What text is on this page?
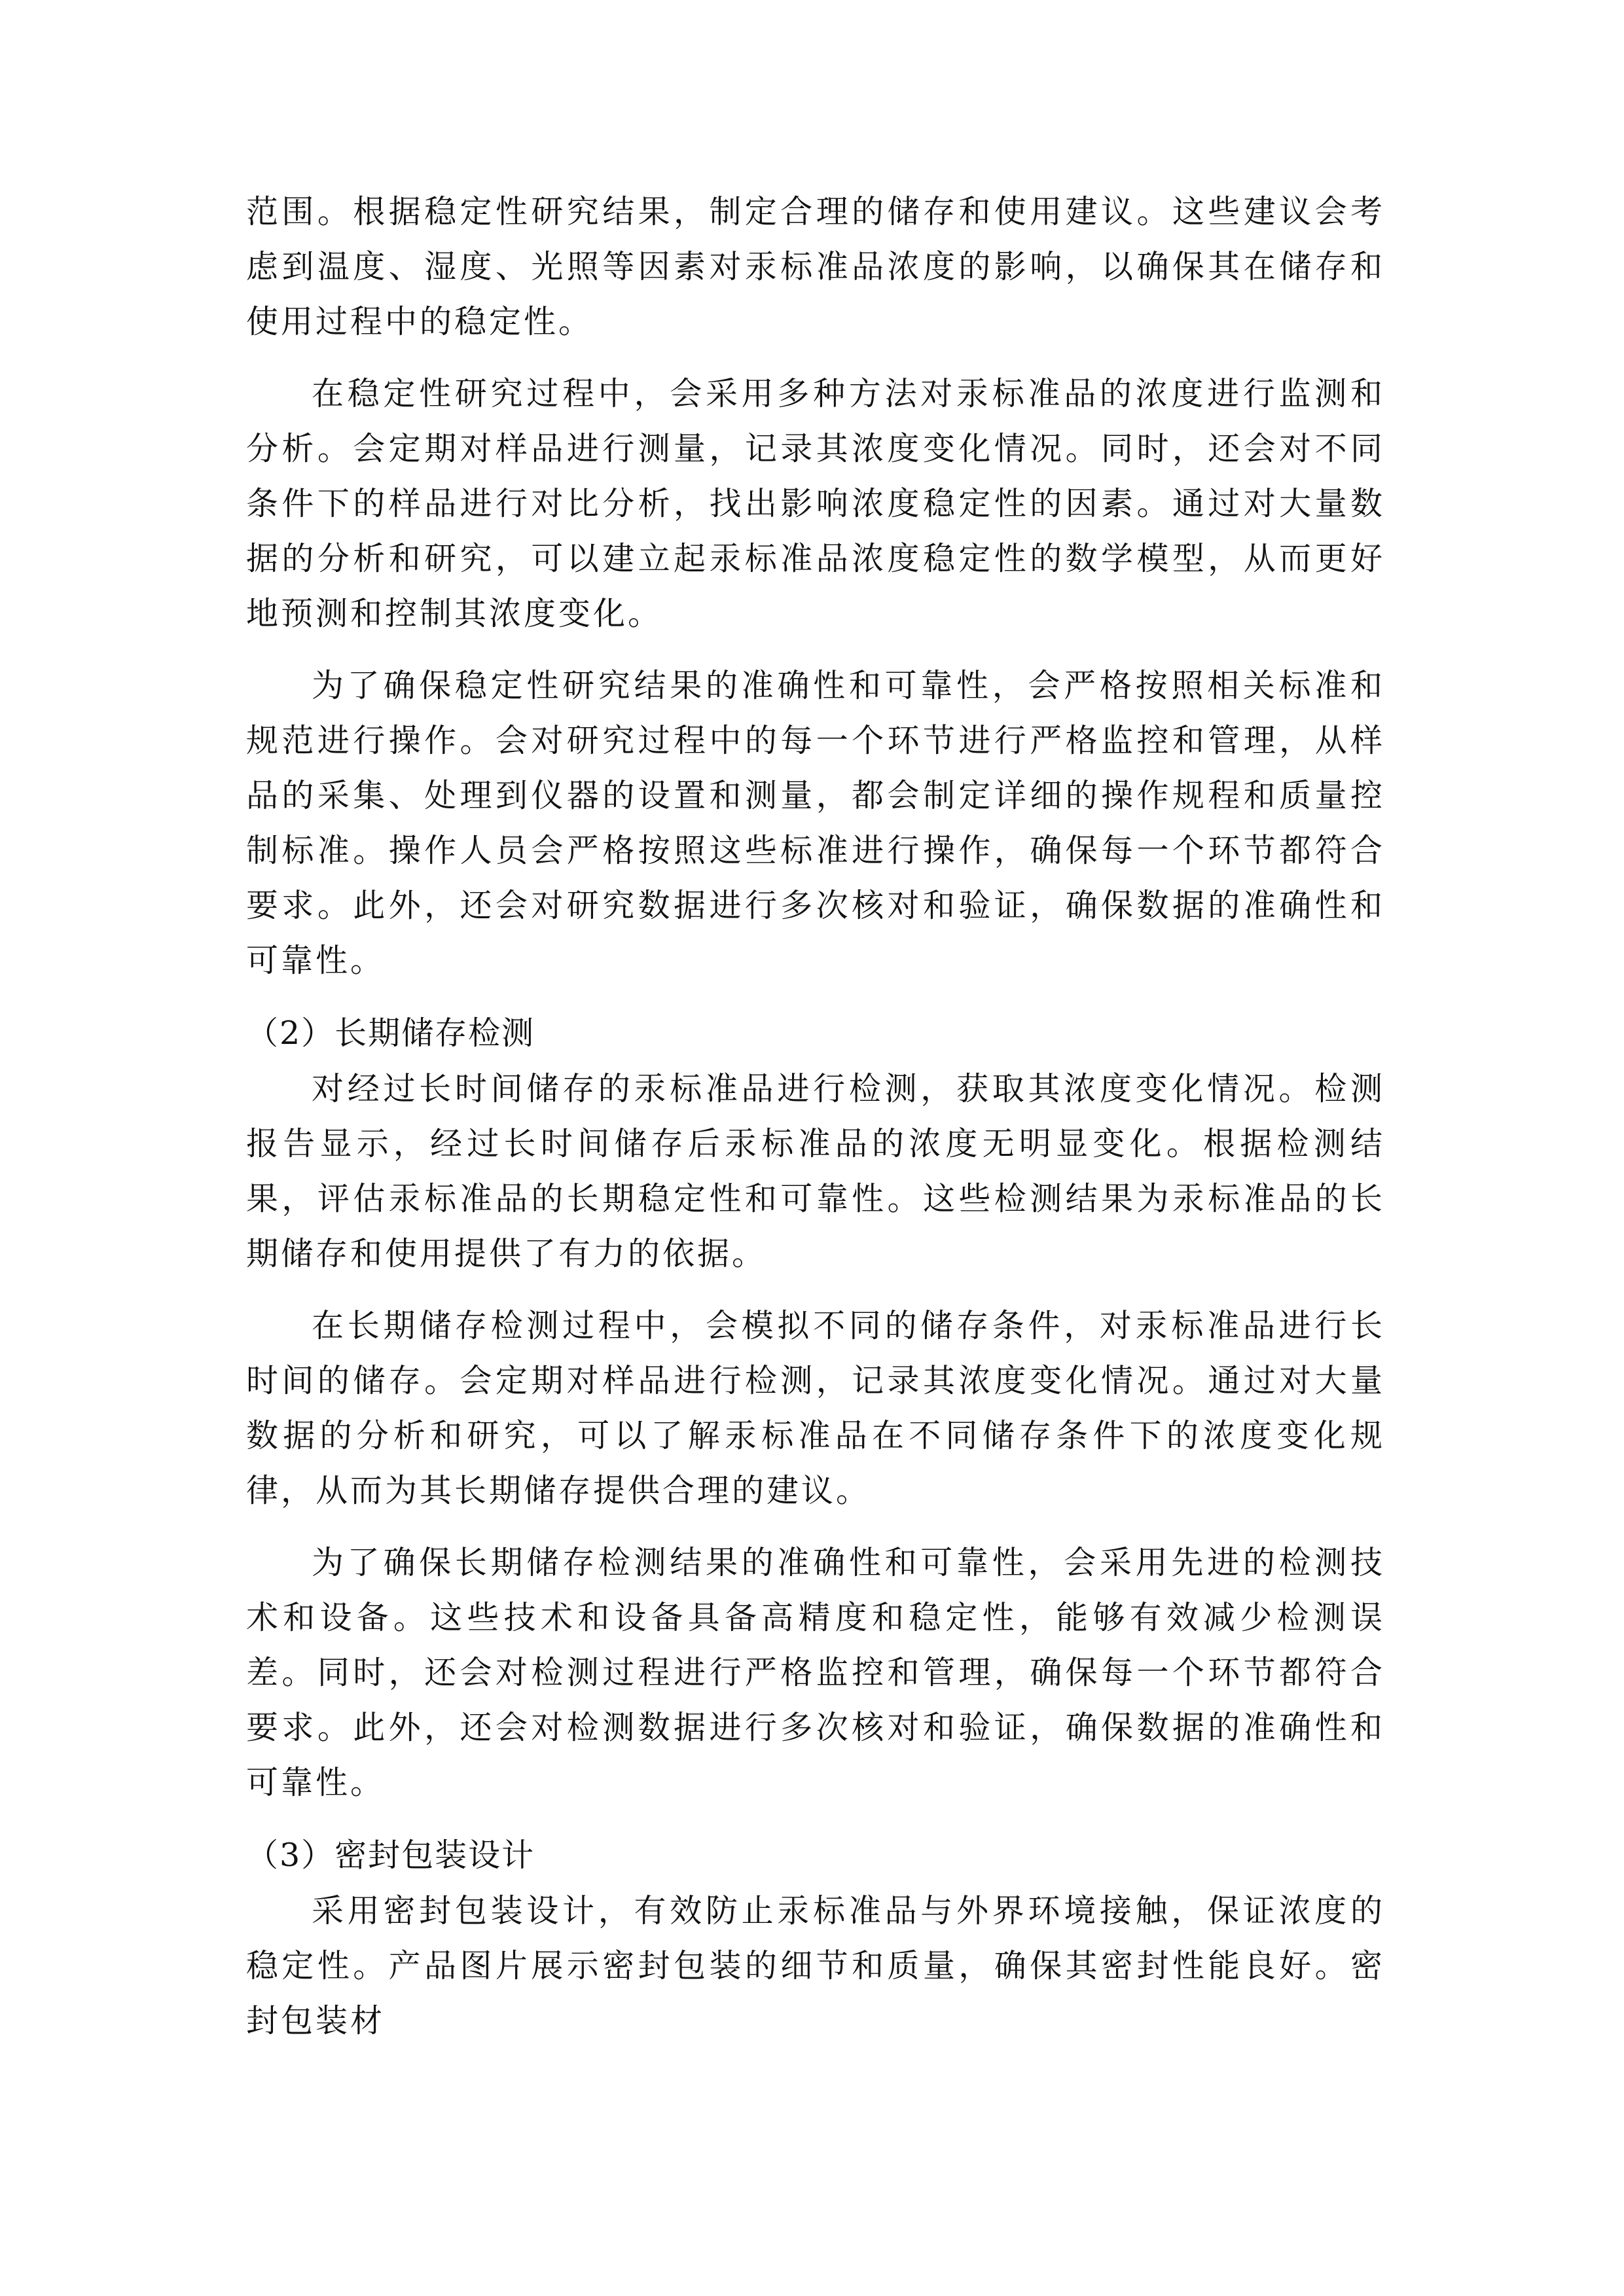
范围。根据稳定性研究结果，制定合理的储存和使用建议。这些建议会考虑到温度、湿度、光照等因素对汞标准品浓度的影响，以确保其在储存和使用过程中的稳定性。

在稳定性研究过程中，会采用多种方法对汞标准品的浓度进行监测和分析。会定期对样品进行测量，记录其浓度变化情况。同时，还会对不同条件下的样品进行对比分析，找出影响浓度稳定性的因素。通过对大量数据的分析和研究，可以建立起汞标准品浓度稳定性的数学模型，从而更好地预测和控制其浓度变化。

为了确保稳定性研究结果的准确性和可靠性，会严格按照相关标准和规范进行操作。会对研究过程中的每一个环节进行严格监控和管理，从样品的采集、处理到仪器的设置和测量，都会制定详细的操作规程和质量控制标准。操作人员会严格按照这些标准进行操作，确保每一个环节都符合要求。此外，还会对研究数据进行多次核对和验证，确保数据的准确性和可靠性。

（2）长期储存检测

对经过长时间储存的汞标准品进行检测，获取其浓度变化情况。检测报告显示，经过长时间储存后汞标准品的浓度无明显变化。根据检测结果，评估汞标准品的长期稳定性和可靠性。这些检测结果为汞标准品的长期储存和使用提供了有力的依据。

在长期储存检测过程中，会模拟不同的储存条件，对汞标准品进行长时间的储存。会定期对样品进行检测，记录其浓度变化情况。通过对大量数据的分析和研究，可以了解汞标准品在不同储存条件下的浓度变化规律，从而为其长期储存提供合理的建议。

为了确保长期储存检测结果的准确性和可靠性，会采用先进的检测技术和设备。这些技术和设备具备高精度和稳定性，能够有效减少检测误差。同时，还会对检测过程进行严格监控和管理，确保每一个环节都符合要求。此外，还会对检测数据进行多次核对和验证，确保数据的准确性和可靠性。

（3）密封包装设计

采用密封包装设计，有效防止汞标准品与外界环境接触，保证浓度的稳定性。产品图片展示密封包装的细节和质量，确保其密封性能良好。密封包装材
